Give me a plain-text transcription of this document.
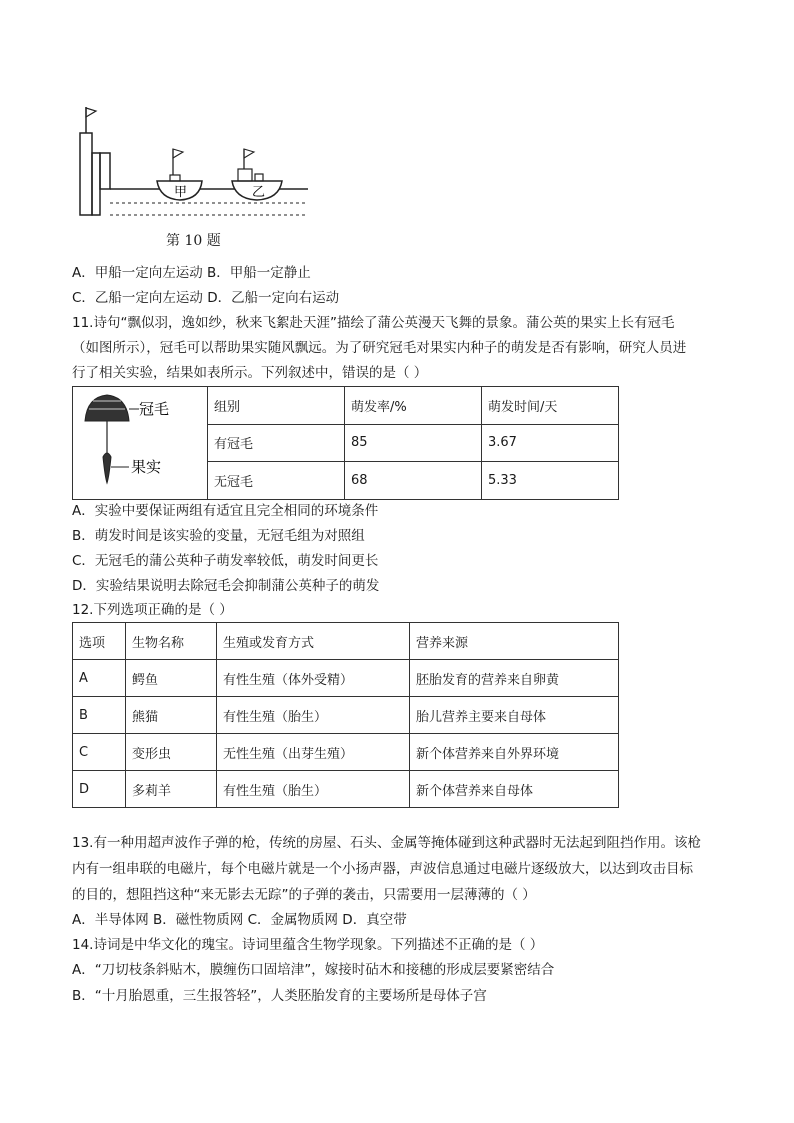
甲	乙
第 10 题
A．甲船一定向左运动 B．甲船一定静止
C．乙船一定向左运动 D．乙船一定向右运动
11.诗句“飘似羽，逸如纱，秋来飞絮赴天涯”描绘了蒲公英漫天飞舞的景象。蒲公英的果实上长有冠毛
（如图所示），冠毛可以帮助果实随风飘远。为了研究冠毛对果实内种子的萌发是否有影响，研究人员进
行了相关实验，结果如表所示。下列叙述中，错误的是（ ）
冠毛
果实	组别	萌发率/%	萌发时间/天
	有冠毛	85	3.67
	无冠毛	68	5.33
A．实验中要保证两组有适宜且完全相同的环境条件
B．萌发时间是该实验的变量，无冠毛组为对照组
C．无冠毛的蒲公英种子萌发率较低，萌发时间更长
D．实验结果说明去除冠毛会抑制蒲公英种子的萌发
12.下列选项正确的是（ ）
选项	生物名称	生殖或发育方式	营养来源
A	鳄鱼	有性生殖（体外受精）	胚胎发育的营养来自卵黄
B	熊猫	有性生殖（胎生）	胎儿营养主要来自母体
C	变形虫	无性生殖（出芽生殖）	新个体营养来自外界环境
D	多莉羊	有性生殖（胎生）	新个体营养来自母体
13.有一种用超声波作子弹的枪，传统的房屋、石头、金属等掩体碰到这种武器时无法起到阻挡作用。该枪
内有一组串联的电磁片，每个电磁片就是一个小扬声器，声波信息通过电磁片逐级放大，以达到攻击目标
的目的，想阻挡这种“来无影去无踪”的子弹的袭击，只需要用一层薄薄的（ ）
A．半导体网 B．磁性物质网 C．金属物质网 D．真空带
14.诗词是中华文化的瑰宝。诗词里蕴含生物学现象。下列描述不正确的是（ ）
A．“刀切枝条斜贴木，膜缠伤口固培津”，嫁接时砧木和接穗的形成层要紧密结合
B．“十月胎恩重，三生报答轻”，人类胚胎发育的主要场所是母体子宫
